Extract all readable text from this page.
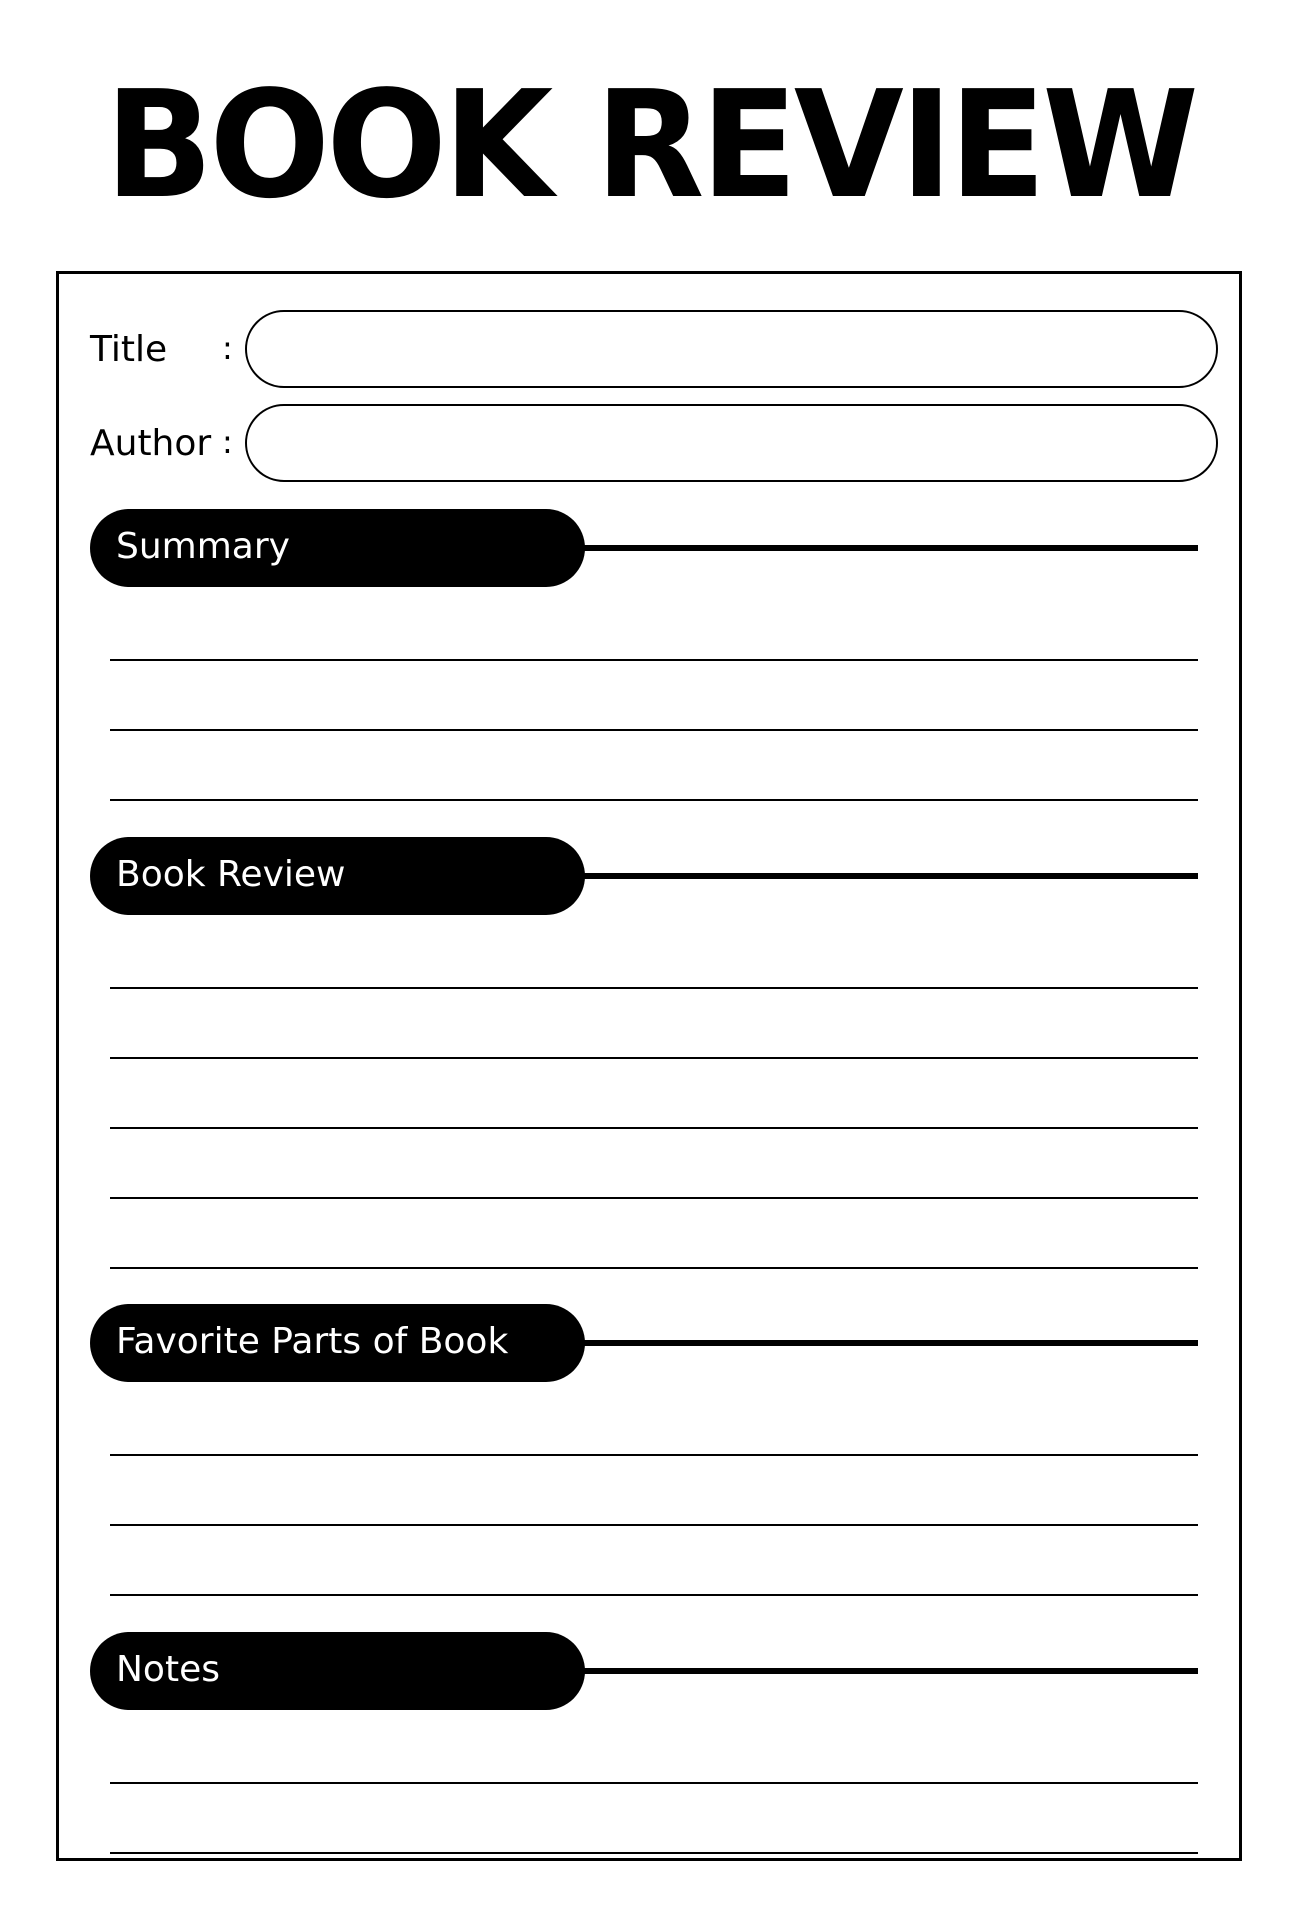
BOOK REVIEW
Title :
Author :
Summary
Book Review
Favorite Parts of Book
Notes
